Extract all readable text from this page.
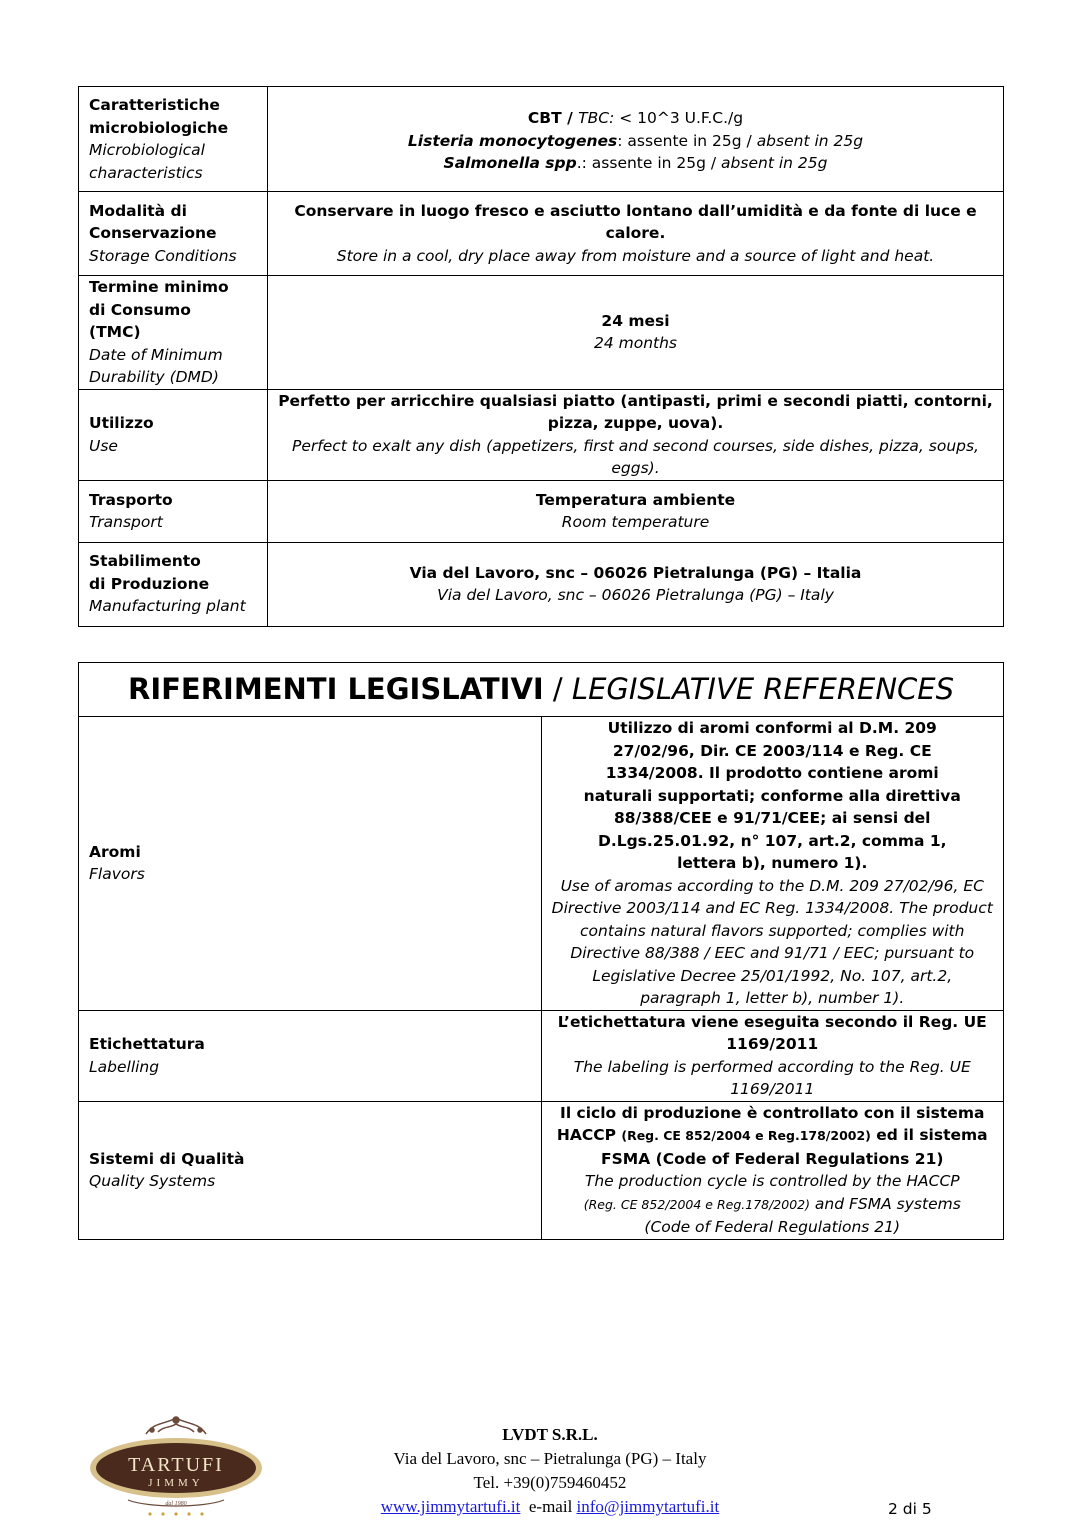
Caratteristiche microbiologiche
Microbiological characteristics	CBT / TBC: < 10^3 U.F.C./g
Listeria monocytogenes: assente in 25g / absent in 25g
Salmonella spp.: assente in 25g / absent in 25g

Modalità di Conservazione
Storage Conditions	Conservare in luogo fresco e asciutto lontano dall’umidità e da fonte di luce e calore.
Store in a cool, dry place away from moisture and a source of light and heat.

Termine minimo di Consumo (TMC)
Date of Minimum Durability (DMD)	24 mesi
24 months

Utilizzo
Use	Perfetto per arricchire qualsiasi piatto (antipasti, primi e secondi piatti, contorni, pizza, zuppe, uova).
Perfect to exalt any dish (appetizers, first and second courses, side dishes, pizza, soups, eggs).

Trasporto
Transport	Temperatura ambiente
Room temperature

Stabilimento di Produzione
Manufacturing plant	Via del Lavoro, snc – 06026 Pietralunga (PG) – Italia
Via del Lavoro, snc – 06026 Pietralunga (PG) – Italy
RIFERIMENTI LEGISLATIVI / LEGISLATIVE REFERENCES	

Aromi
Flavors	Utilizzo di aromi conformi al D.M. 209 27/02/96, Dir. CE 2003/114 e Reg. CE 1334/2008. Il prodotto contiene aromi naturali supportati; conforme alla direttiva 88/388/CEE e 91/71/CEE; ai sensi del D.Lgs.25.01.92, n° 107, art.2, comma 1, lettera b), numero 1).
Use of aromas according to the D.M. 209 27/02/96, EC Directive 2003/114 and EC Reg. 1334/2008. The product contains natural flavors supported; complies with Directive 88/388 / EEC and 91/71 / EEC; pursuant to Legislative Decree 25/01/1992, No. 107, art.2, paragraph 1, letter b), number 1).

Etichettatura
Labelling	L’etichettatura viene eseguita secondo il Reg. UE 1169/2011
The labeling is performed according to the Reg. UE 1169/2011

Sistemi di Qualità
Quality Systems	Il ciclo di produzione è controllato con il sistema HACCP (Reg. CE 852/2004 e Reg.178/2002) ed il sistema FSMA (Code of Federal Regulations 21)
The production cycle is controlled by the HACCP (Reg. CE 852/2004 e Reg.178/2002) and FSMA systems (Code of Federal Regulations 21)
TARTUFI
JIMMY
dal 1980
LVDT S.R.L.
Via del Lavoro, snc – Pietralunga (PG) – Italy
Tel. +39(0)759460452
www.jimmytartufi.it e-mail info@jimmytartufi.it	2 di 5
